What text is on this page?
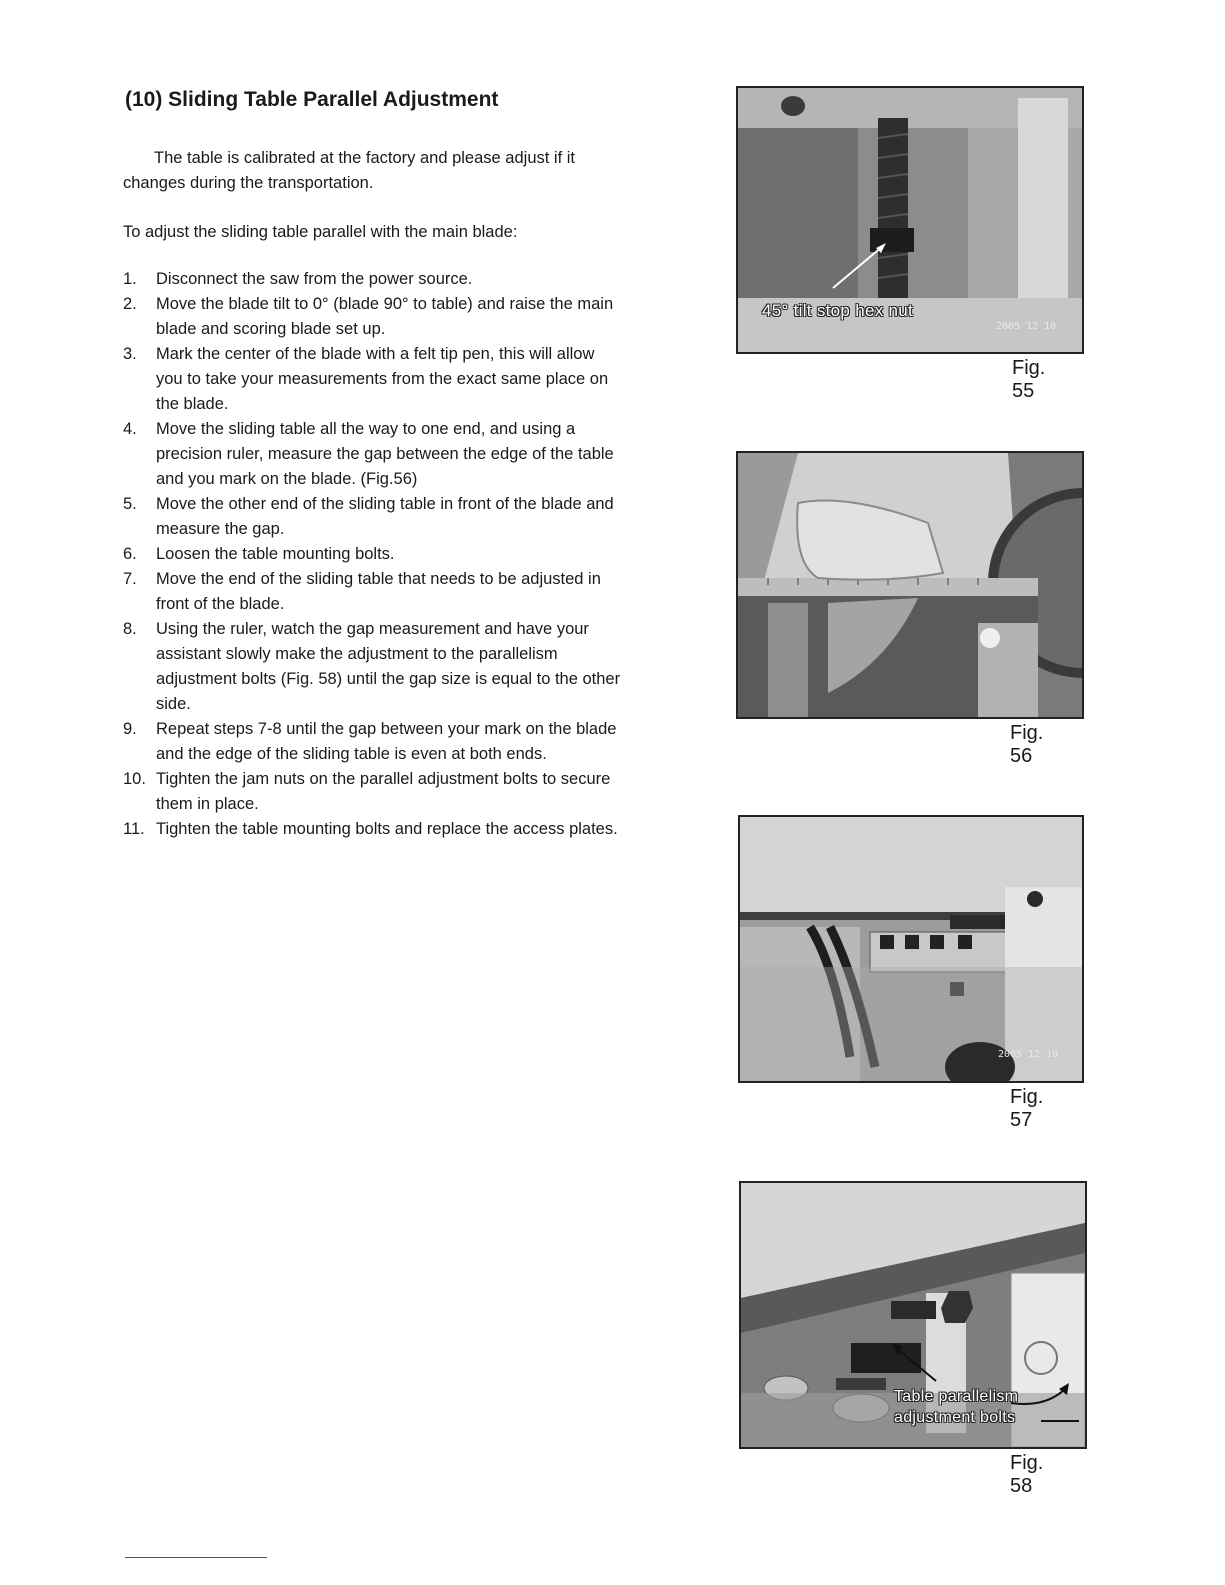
(10) Sliding Table Parallel Adjustment

The table is calibrated at the factory and please adjust if it changes during the transportation.

To adjust the sliding table parallel with the main blade:

1. Disconnect the saw from the power source.
2. Move the blade tilt to 0° (blade 90° to table) and raise the main blade and scoring blade set up.
3. Mark the center of the blade with a felt tip pen, this will allow you to take your measurements from the exact same place on the blade.
4. Move the sliding table all the way to one end, and using a precision ruler, measure the gap between the edge of the table and you mark on the blade. (Fig.56)
5. Move the other end of the sliding table in front of the blade and measure the gap.
6. Loosen the table mounting bolts.
7. Move the end of the sliding table that needs to be adjusted in front of the blade.
8. Using the ruler, watch the gap measurement and have your assistant slowly make the adjustment to the parallelism adjustment bolts (Fig. 58) until the gap size is equal to the other side.
9. Repeat steps 7-8 until the gap between your mark on the blade and the edge of the sliding table is even at both ends.
10. Tighten the jam nuts on the parallel adjustment bolts to secure them in place.
11. Tighten the table mounting bolts and replace the access plates.
45° tilt stop hex nut
2005 12 10
Fig. 55
Fig. 56
2005 12 10
Fig. 57
Table parallelism
adjustment bolts
Fig. 58
